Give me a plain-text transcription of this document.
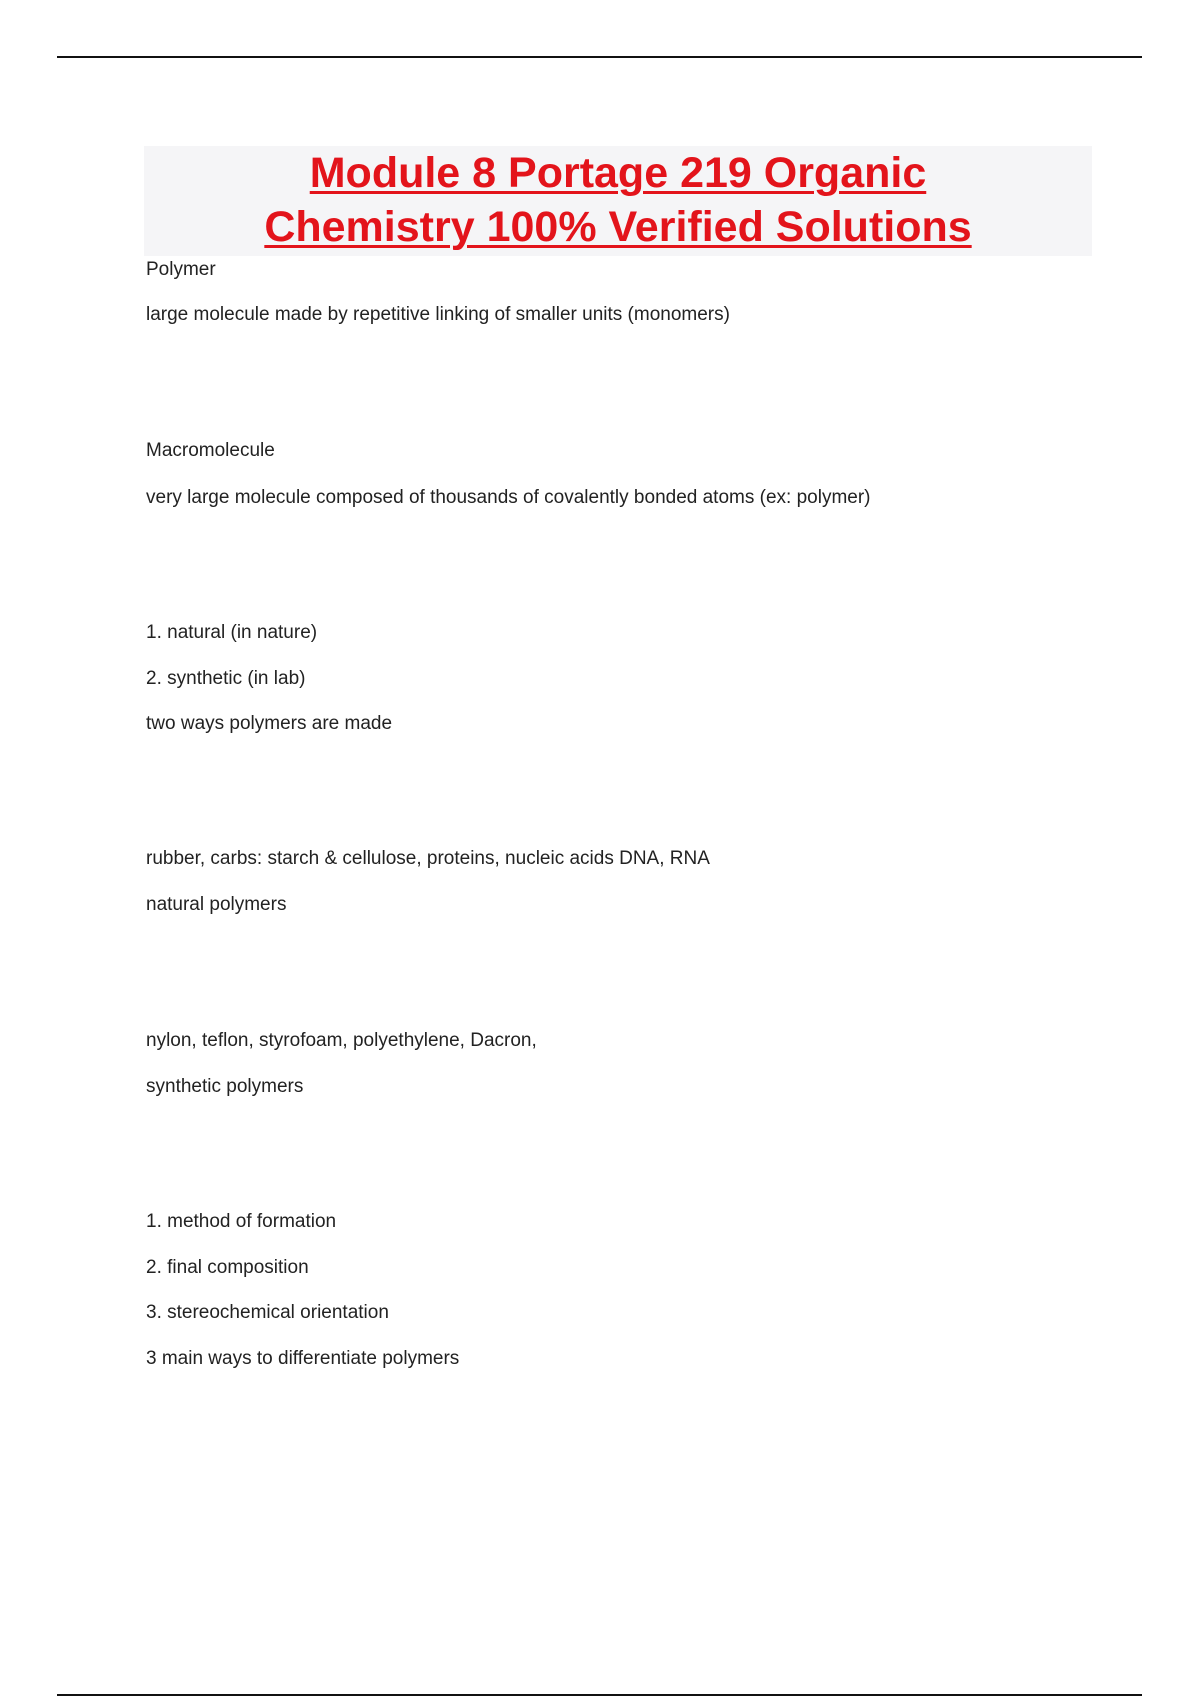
Module 8 Portage 219 Organic
Chemistry 100% Verified Solutions
Polymer
large molecule made by repetitive linking of smaller units (monomers)
Macromolecule
very large molecule composed of thousands of covalently bonded atoms (ex: polymer)
1. natural (in nature)
2. synthetic (in lab)
two ways polymers are made
rubber, carbs: starch & cellulose, proteins, nucleic acids DNA, RNA
natural polymers
nylon, teflon, styrofoam, polyethylene, Dacron,
synthetic polymers
1. method of formation
2. final composition
3. stereochemical orientation
3 main ways to differentiate polymers
